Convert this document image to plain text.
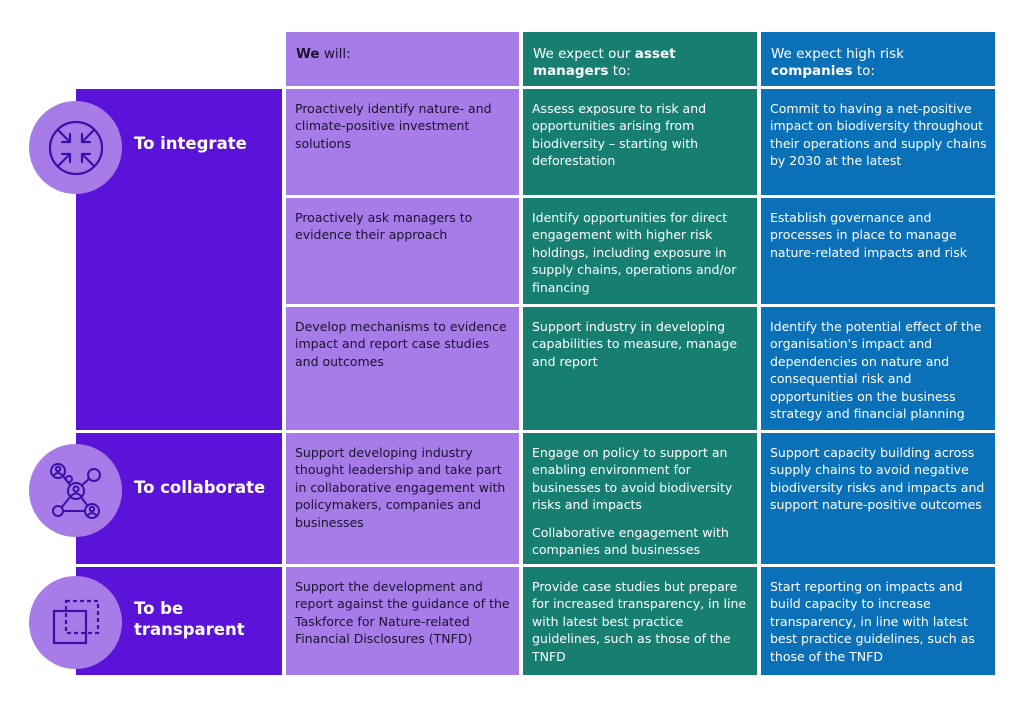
We will:	We expect our asset managers to:
We expect high risk companies to:
To integrate
To collaborate
To be transparent
Proactively identify nature- and climate-positive investment solutions
Assess exposure to risk and opportunities arising from biodiversity – starting with deforestation
Commit to having a net-positive impact on biodiversity throughout their operations and supply chains by 2030 at the latest
Proactively ask managers to evidence their approach
Identify opportunities for direct engagement with higher risk holdings, including exposure in supply chains, operations and/or financing
Establish governance and processes in place to manage nature-related impacts and risk
Develop mechanisms to evidence impact and report case studies and outcomes
Support industry in developing capabilities to measure, manage and report
Identify the potential effect of the organisation's impact and dependencies on nature and consequential risk and opportunities on the business strategy and financial planning
Support developing industry thought leadership and take part in collaborative engagement with policymakers, companies and businesses
Engage on policy to support an enabling environment for businesses to avoid biodiversity risks and impacts
Collaborative engagement with companies and businesses
Support capacity building across supply chains to avoid negative biodiversity risks and impacts and support nature-positive outcomes
Support the development and report against the guidance of the Taskforce for Nature-related Financial Disclosures (TNFD)
Provide case studies but prepare for increased transparency, in line with latest best practice guidelines, such as those of the TNFD
Start reporting on impacts and build capacity to increase transparency, in line with latest best practice guidelines, such as those of the TNFD
